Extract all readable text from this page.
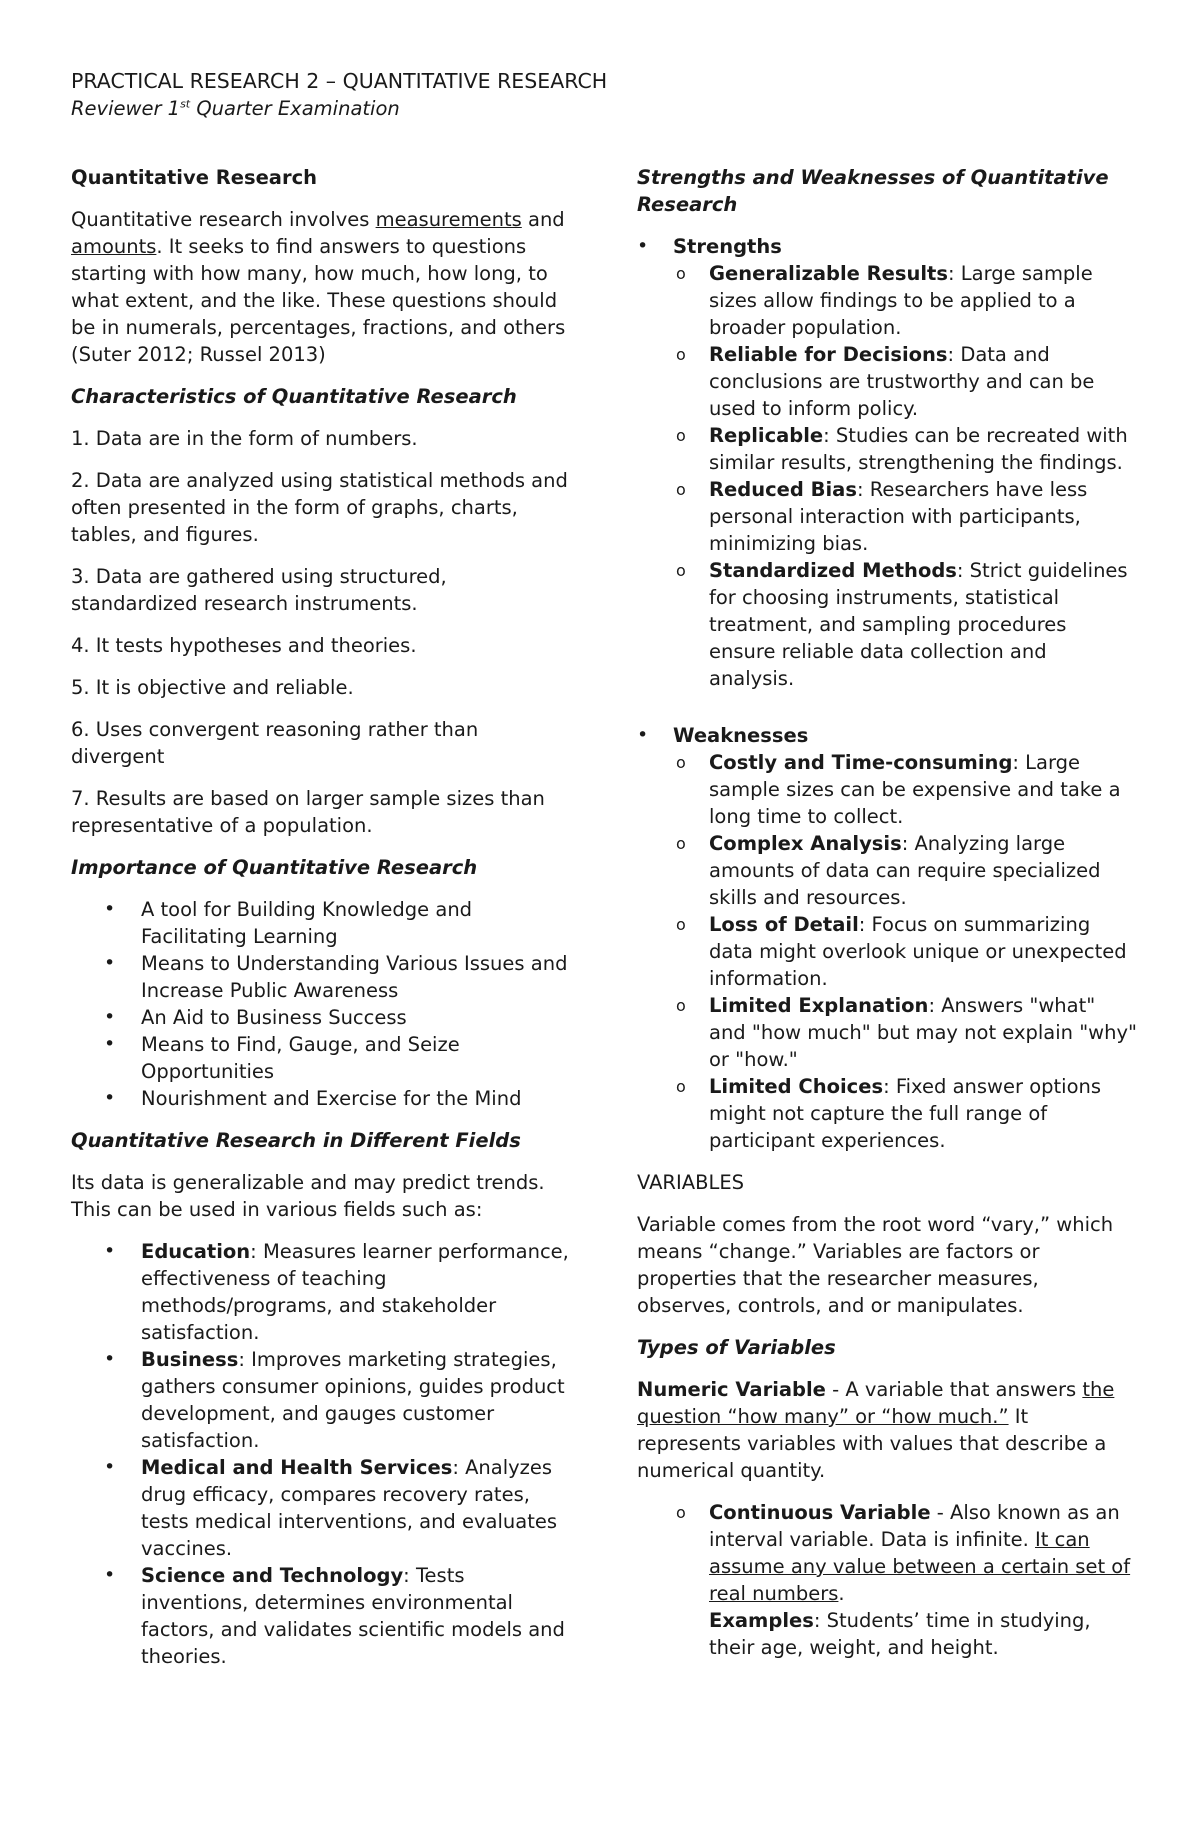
PRACTICAL RESEARCH 2 – QUANTITATIVE RESEARCH

Reviewer 1st Quarter Examination

Quantitative Research

Quantitative research involves measurements and amounts. It seeks to find answers to questions starting with how many, how much, how long, to what extent, and the like. These questions should be in numerals, percentages, fractions, and others (Suter 2012; Russel 2013)

Characteristics of Quantitative Research

1. Data are in the form of numbers.

2. Data are analyzed using statistical methods and often presented in the form of graphs, charts, tables, and figures.

3. Data are gathered using structured, standardized research instruments.

4. It tests hypotheses and theories.

5. It is objective and reliable.

6. Uses convergent reasoning rather than divergent

7. Results are based on larger sample sizes than representative of a population.

Importance of Quantitative Research

• A tool for Building Knowledge and Facilitating Learning
• Means to Understanding Various Issues and Increase Public Awareness
• An Aid to Business Success
• Means to Find, Gauge, and Seize Opportunities
• Nourishment and Exercise for the Mind

Quantitative Research in Different Fields

Its data is generalizable and may predict trends. This can be used in various fields such as:

• Education: Measures learner performance, effectiveness of teaching methods/programs, and stakeholder satisfaction.
• Business: Improves marketing strategies, gathers consumer opinions, guides product development, and gauges customer satisfaction.
• Medical and Health Services: Analyzes drug efficacy, compares recovery rates, tests medical interventions, and evaluates vaccines.
• Science and Technology: Tests inventions, determines environmental factors, and validates scientific models and theories.

Strengths and Weaknesses of Quantitative Research

• Strengths
o Generalizable Results: Large sample sizes allow findings to be applied to a broader population.
o Reliable for Decisions: Data and conclusions are trustworthy and can be used to inform policy.
o Replicable: Studies can be recreated with similar results, strengthening the findings.
o Reduced Bias: Researchers have less personal interaction with participants, minimizing bias.
o Standardized Methods: Strict guidelines for choosing instruments, statistical treatment, and sampling procedures ensure reliable data collection and analysis.
• Weaknesses
o Costly and Time-consuming: Large sample sizes can be expensive and take a long time to collect.
o Complex Analysis: Analyzing large amounts of data can require specialized skills and resources.
o Loss of Detail: Focus on summarizing data might overlook unique or unexpected information.
o Limited Explanation: Answers "what" and "how much" but may not explain "why" or "how."
o Limited Choices: Fixed answer options might not capture the full range of participant experiences.

VARIABLES

Variable comes from the root word “vary,” which means “change.” Variables are factors or properties that the researcher measures, observes, controls, and or manipulates.

Types of Variables

Numeric Variable - A variable that answers the question “how many” or “how much.” It represents variables with values that describe a numerical quantity.

o Continuous Variable - Also known as an interval variable. Data is infinite. It can assume any value between a certain set of real numbers.
Examples: Students’ time in studying, their age, weight, and height.
